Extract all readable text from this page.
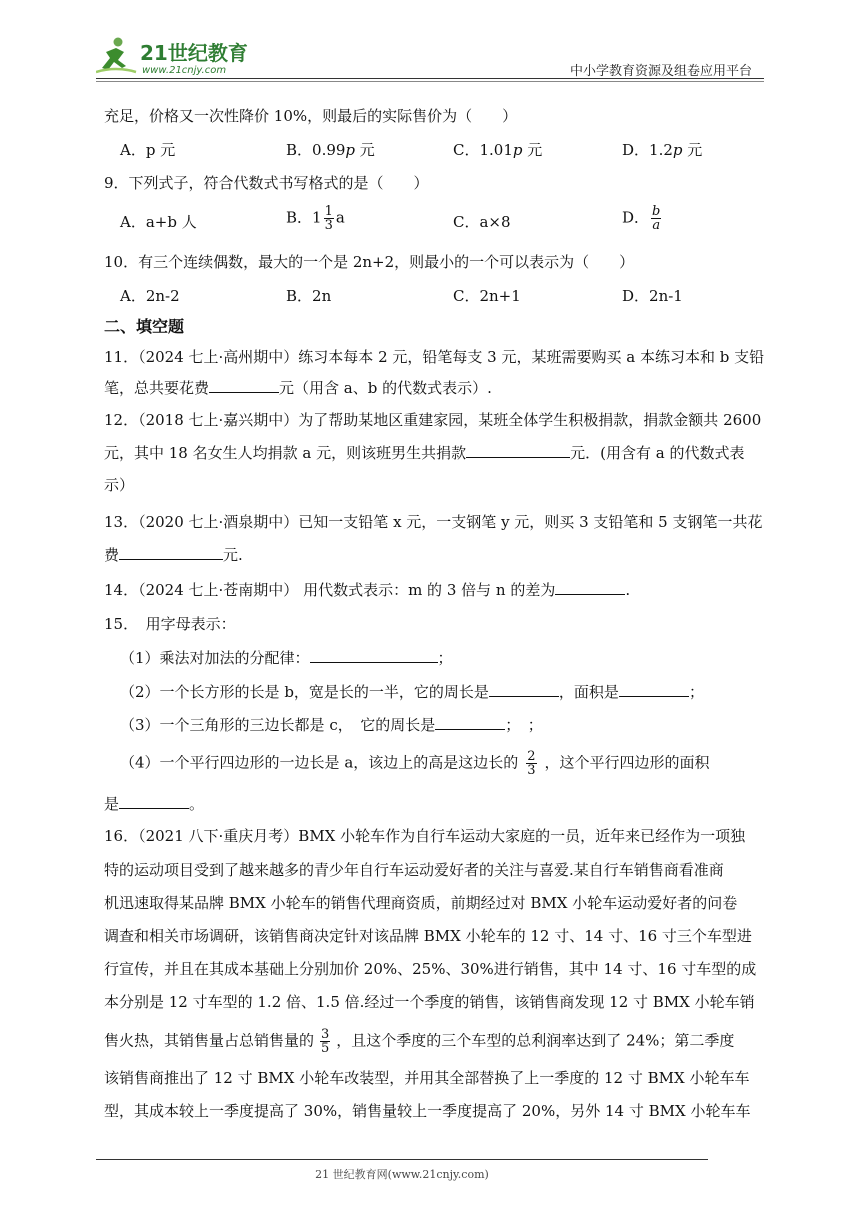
21世纪教育
www.21cnjy.com	中小学教育资源及组卷应用平台
充足，价格又一次性降价 10%，则最后的实际售价为（　　）
A．p 元	B．0.99p 元	C．1.01p 元	D．1.2p 元
9．下列式子，符合代数式书写格式的是（　　）
A．a+b 人	B．$1 \frac{1}{3}$ a	C．a×8	D． $\frac{b}{a}$
10．有三个连续偶数，最大的一个是 2n+2，则最小的一个可以表示为（　　）
A．2n-2	B．2n	C．2n+1	D．2n-1
二、填空题
11．（2024 七上·高州期中）练习本每本 2 元，铅笔每支 3 元，某班需要购买 a 本练习本和 b 支铅
笔，总共要花费	元（用含 a、b 的代数式表示）.
12．（2018 七上·嘉兴期中）为了帮助某地区重建家园，某班全体学生积极捐款，捐款金额共 2600
元，其中 18 名女生人均捐款 a 元，则该班男生共捐款	元．(用含有 a 的代数式表
示）
13．（2020 七上·酒泉期中）已知一支铅笔 x 元，一支钢笔 y 元，则买 3 支铅笔和 5 支钢笔一共花
费	元.
14．（2024 七上·苍南期中） 用代数式表示：m 的 3 倍与 n 的差为	.
15．　用字母表示：
（1）乘法对加法的分配律：	；
（2）一个长方形的长是 b，宽是长的一半，它的周长是	，面积是	；
（3）一个三角形的三边长都是 c，　它的周长是	；　；
（4）一个平行四边形的一边长是 a，该边上的高是这边长的 $\frac{2}{3}$ ，这个平行四边形的面积
是	。
16．（2021 八下·重庆月考）BMX 小轮车作为自行车运动大家庭的一员，近年来已经作为一项独
特的运动项目受到了越来越多的青少年自行车运动爱好者的关注与喜爱.某自行车销售商看准商
机迅速取得某品牌 BMX 小轮车的销售代理商资质，前期经过对 BMX 小轮车运动爱好者的问卷
调查和相关市场调研，该销售商决定针对该品牌 BMX 小轮车的 12 寸、14 寸、16 寸三个车型进
行宣传，并且在其成本基础上分别加价 20%、25%、30%进行销售，其中 14 寸、16 寸车型的成
本分别是 12 寸车型的 1.2 倍、1.5 倍.经过一个季度的销售，该销售商发现 12 寸 BMX 小轮车销
售火热，其销售量占总销售量的 $\frac{3}{5}$ ，且这个季度的三个车型的总利润率达到了 24%；第二季度
该销售商推出了 12 寸 BMX 小轮车改装型，并用其全部替换了上一季度的 12 寸 BMX 小轮车车
型，其成本较上一季度提高了 30%，销售量较上一季度提高了 20%，另外 14 寸 BMX 小轮车车
21 世纪教育网(www.21cnjy.com)
